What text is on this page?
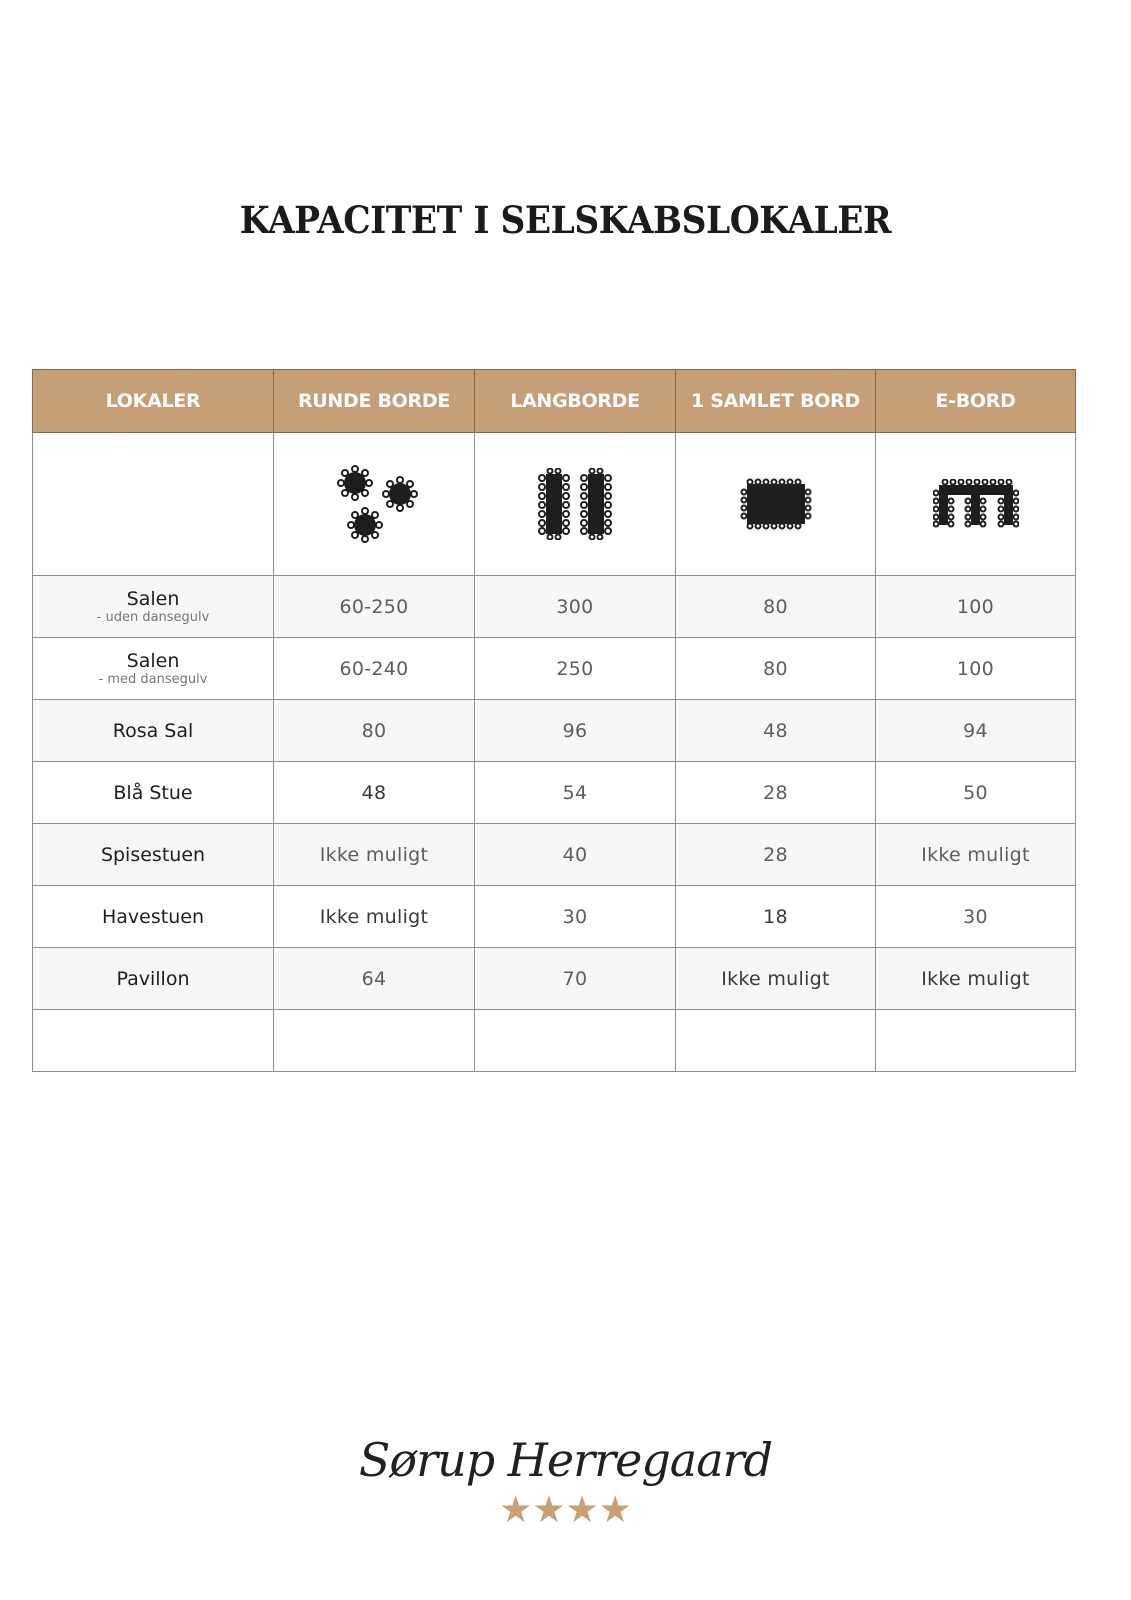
KAPACITET I SELSKABSLOKALER
LOKALER	RUNDE BORDE	LANGBORDE	1 SAMLET BORD	E-BORD

Salen
- uden dansegulv	60-250	300	80	100

Salen
- med dansegulv	60-240	250	80	100

Rosa Sal	80	96	48	94

Blå Stue	48	54	28	50

Spisestuen	Ikke muligt	40	28	Ikke muligt

Havestuen	Ikke muligt	30	18	30

Pavillon	64	70	Ikke muligt	Ikke muligt

Sørup Herregaard
★★★★
